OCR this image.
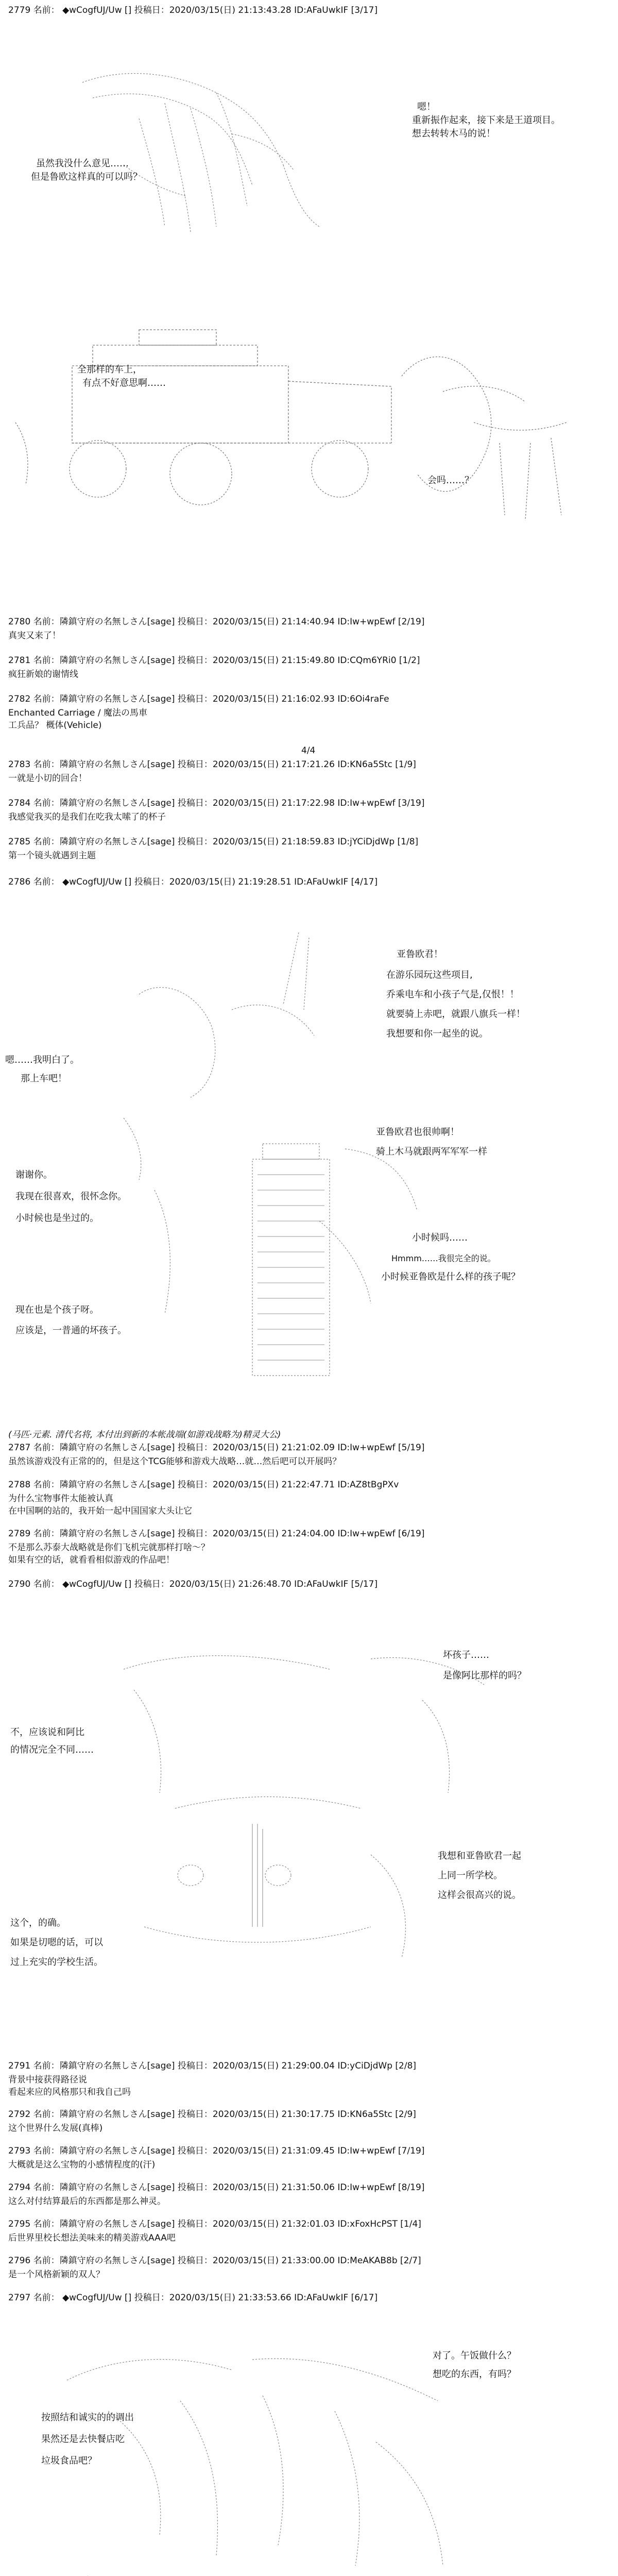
2779 名前： ◆wCogfUJ/Uw [] 投稿日：2020/03/15(日) 21:13:43.28 ID:AFaUwkIF [3/17]
嗯！
重新振作起来，接下来是王道项目。
想去转转木马的说！
虽然我没什么意见……
但是鲁欧这样真的可以吗？
全那样的车上，
有点不好意思啊……
会吗……？
2780 名前：隣鎮守府の名無しさん[sage] 投稿日：2020/03/15(日) 21:14:40.94 ID:Iw+wpEwf [2/19]
真実又来了！
2781 名前：隣鎮守府の名無しさん[sage] 投稿日：2020/03/15(日) 21:15:49.80 ID:CQm6YRi0 [1/2]
疯狂新娘的谢情线
2782 名前：隣鎮守府の名無しさん[sage] 投稿日：2020/03/15(日) 21:16:02.93 ID:6Oi4raFe
Enchanted Carriage / 魔法の馬車
工兵品？ 概体(Vehicle)
4/4
2783 名前：隣鎮守府の名無しさん[sage] 投稿日：2020/03/15(日) 21:17:21.26 ID:KN6a5Stc [1/9]
一就是小切的回合！
2784 名前：隣鎮守府の名無しさん[sage] 投稿日：2020/03/15(日) 21:17:22.98 ID:Iw+wpEwf [3/19]
我感觉我买的是我们在吃我太嗦了的杯子
2785 名前：隣鎮守府の名無しさん[sage] 投稿日：2020/03/15(日) 21:18:59.83 ID:jYCiDjdWp [1/8]
第一个镜头就遇到主题
2786 名前： ◆wCogfUJ/Uw [] 投稿日：2020/03/15(日) 21:19:28.51 ID:AFaUwkIF [4/17]
亚鲁欧君！
在游乐园玩这些项目,
乔乘电车和小孩子气是,仅恨！！
就要骑上赤吧，就跟八旗兵一样！
我想要和你一起坐的说。
嗯……我明白了。
那上车吧！
亚鲁欧君也很帅啊！
骑上木马就跟两军军军一样
谢谢你。
我现在很喜欢，很怀念你。
小时候也是坐过的。
小时候吗……
Hmmm……我很完全的说。
小时候亚鲁欧是什么样的孩子呢？
现在也是个孩子呀。
应该是，一普通的坏孩子。
(马匹·元素. 清代名将, 本付出到新的本帐战端(如游戏战略为)精灵大公)
2787 名前：隣鎮守府の名無しさん[sage] 投稿日：2020/03/15(日) 21:21:02.09 ID:Iw+wpEwf [5/19]
虽然该游戏没有正常的的，但是这个TCG能够和游戏大战略…就…然后吧可以开展吗？
2788 名前：隣鎮守府の名無しさん[sage] 投稿日：2020/03/15(日) 21:22:47.71 ID:AZ8tBgPXv
为什么宝物事件太能被认真
在中国啊的站的，我开始一起中国国家大头让它
2789 名前：隣鎮守府の名無しさん[sage] 投稿日：2020/03/15(日) 21:24:04.00 ID:Iw+wpEwf [6/19]
不是那么苏泰大战略就是你们飞机完就那样打啥～？
如果有空的话，就看看相似游戏的作品吧！
2790 名前： ◆wCogfUJ/Uw [] 投稿日：2020/03/15(日) 21:26:48.70 ID:AFaUwkIF [5/17]
坏孩子……
是像阿比那样的吗？
不，应该说和阿比
的情况完全不同……
我想和亚鲁欧君一起
上同一所学校。
这样会很高兴的说。
这个，的确。
如果是切嗯的话，可以
过上充实的学校生活。
2791 名前：隣鎮守府の名無しさん[sage] 投稿日：2020/03/15(日) 21:29:00.04 ID:yCiDjdWp [2/8]
背景中接获得路径说
看起来应的风格那只和我自己吗
2792 名前：隣鎮守府の名無しさん[sage] 投稿日：2020/03/15(日) 21:30:17.75 ID:KN6a5Stc [2/9]
这个世界什么发展(真棒)
2793 名前：隣鎮守府の名無しさん[sage] 投稿日：2020/03/15(日) 21:31:09.45 ID:Iw+wpEwf [7/19]
大概就是这么宝物的小感情程度的(汗)
2794 名前：隣鎮守府の名無しさん[sage] 投稿日：2020/03/15(日) 21:31:50.06 ID:Iw+wpEwf [8/19]
这么对付结算最后的东西都是那么神灵。
2795 名前：隣鎮守府の名無しさん[sage] 投稿日：2020/03/15(日) 21:32:01.03 ID:xFoxHcPST [1/4]
后世界里校长想法美味来的精美游戏AAA吧
2796 名前：隣鎮守府の名無しさん[sage] 投稿日：2020/03/15(日) 21:33:00.00 ID:MeAKAB8b [2/7]
是一个风格新颖的双人？
2797 名前： ◆wCogfUJ/Uw [] 投稿日：2020/03/15(日) 21:33:53.66 ID:AFaUwkIF [6/17]
对了。午饭做什么？
想吃的东西，有吗？
按照结和诚实的的调出
果然还是去快餐店吃
垃圾食品吧？
